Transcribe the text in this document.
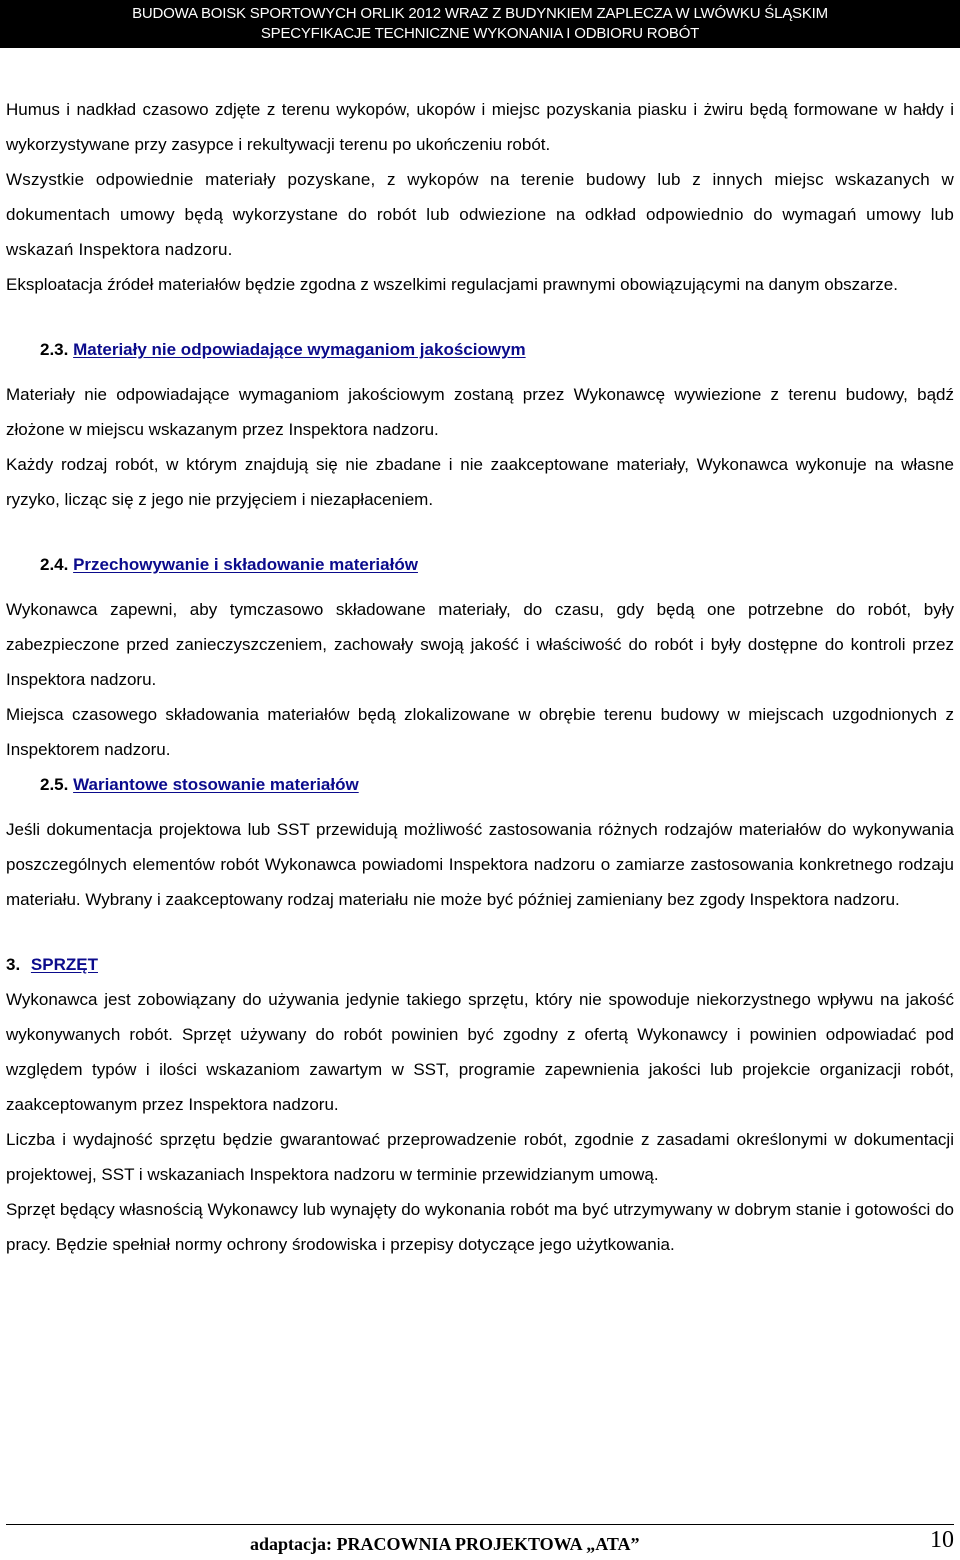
BUDOWA BOISK SPORTOWYCH ORLIK 2012 WRAZ Z BUDYNKIEM ZAPLECZA W LWÓWKU ŚLĄSKIM
SPECYFIKACJE TECHNICZNE WYKONANIA I ODBIORU ROBÓT

Humus i nadkład czasowo zdjęte z terenu wykopów, ukopów i miejsc pozyskania piasku i żwiru będą formowane w hałdy i wykorzystywane przy zasypce i rekultywacji terenu po ukończeniu robót.

Wszystkie odpowiednie materiały pozyskane, z wykopów na terenie budowy lub z innych miejsc wskazanych w dokumentach umowy będą wykorzystane do robót lub odwiezione na odkład odpowiednio do wymagań umowy lub wskazań Inspektora nadzoru.

Eksploatacja źródeł materiałów będzie zgodna z wszelkimi regulacjami prawnymi obowiązującymi na danym obszarze.

2.3. Materiały nie odpowiadające wymaganiom jakościowym

Materiały nie odpowiadające wymaganiom jakościowym zostaną przez Wykonawcę wywiezione z terenu budowy, bądź złożone w miejscu wskazanym przez Inspektora nadzoru.

Każdy rodzaj robót, w którym znajdują się nie zbadane i nie zaakceptowane materiały, Wykonawca wykonuje na własne ryzyko, licząc się z jego nie przyjęciem i niezapłaceniem.

2.4. Przechowywanie i składowanie materiałów

Wykonawca zapewni, aby tymczasowo składowane materiały, do czasu, gdy będą one potrzebne do robót, były zabezpieczone przed zanieczyszczeniem, zachowały swoją jakość i właściwość do robót i były dostępne do kontroli przez Inspektora nadzoru.

Miejsca czasowego składowania materiałów będą zlokalizowane w obrębie terenu budowy w miejscach uzgodnionych z Inspektorem nadzoru.

2.5. Wariantowe stosowanie materiałów

Jeśli dokumentacja projektowa lub SST przewidują możliwość zastosowania różnych rodzajów materiałów do wykonywania poszczególnych elementów robót Wykonawca powiadomi Inspektora nadzoru o zamiarze zastosowania konkretnego rodzaju materiału. Wybrany i zaakceptowany rodzaj materiału nie może być później zamieniany bez zgody Inspektora nadzoru.

3. SPRZĘT

Wykonawca jest zobowiązany do używania jedynie takiego sprzętu, który nie spowoduje niekorzystnego wpływu na jakość wykonywanych robót. Sprzęt używany do robót powinien być zgodny z ofertą Wykonawcy i powinien odpowiadać pod względem typów i ilości wskazaniom zawartym w SST, programie zapewnienia jakości lub projekcie organizacji robót, zaakceptowanym przez Inspektora nadzoru.

Liczba i wydajność sprzętu będzie gwarantować przeprowadzenie robót, zgodnie z zasadami określonymi w dokumentacji projektowej, SST i wskazaniach Inspektora nadzoru w terminie przewidzianym umową.

Sprzęt będący własnością Wykonawcy lub wynajęty do wykonania robót ma być utrzymywany w dobrym stanie i gotowości do pracy. Będzie spełniał normy ochrony środowiska i przepisy dotyczące jego użytkowania.

adaptacja: PRACOWNIA PROJEKTOWA „ATA”	10
